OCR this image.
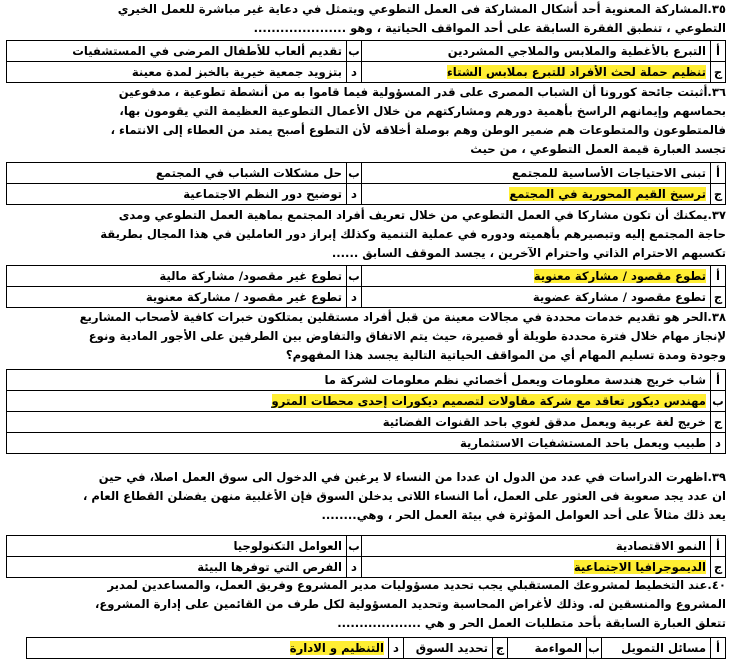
٣٥.المشاركة المعنوية أحد أشكال المشاركة فى العمل التطوعي ويتمثل في دعاية غير مباشرة للعمل الخيري
التطوعي ، تنطبق الفقرة السابقة على أحد المواقف الحياتية ، وهو .....................
أ	التبرع بالأغطية والملابس والملاجي المشردين	ب	تقديم ألعاب للأطفال المرضى في المستشفيات
ج	تنظيم حملة لحث الأفراد للتبرع بملابس الشتاء	د	بتزويد جمعية خيرية بالخبز لمدة معينة
٣٦.أثبتت جائحة كورونا أن الشباب المصرى على قدر المسؤولية فيما قاموا به من أنشطة تطوعية ، مدفوعين
بحماسهم وإيمانهم الراسخ بأهمية دورهم ومشاركتهم من خلال الأعمال التطوعية العظيمة التي يقومون بها،
فالمتطوعون والمتطوعات هم ضمير الوطن وهم بوصلة أخلاقه لأن التطوع أصبح يمتد من العطاء إلى الانتماء ،
تجسد العبارة قيمة العمل التطوعي ، من حيث
أ	تبنى الاحتياجات الأساسية للمجتمع	ب	حل مشكلات الشباب في المجتمع
ج	ترسيخ القيم المحورية في المجتمع	د	توضيح دور النظم الاجتماعية
٣٧.يمكنك أن تكون مشاركا في العمل التطوعي من خلال تعريف أفراد المجتمع بماهية العمل التطوعي ومدى
حاجة المجتمع إليه وتبصيرهم بأهميته ودوره في عملية التنمية وكذلك إبراز دور العاملين في هذا المجال بطريقة
تكسبهم الاحترام الذاتي واحترام الآخرين ، يجسد الموقف السابق ......
أ	تطوع مقصود / مشاركة معنوية	ب	تطوع غير مقصود/ مشاركة مالية
ج	تطوع مقصود / مشاركة عضوية	د	تطوع غير مقصود / مشاركة معنوية
٣٨.الحر هو تقديم خدمات محددة في مجالات معينة من قبل أفراد مستقلين يمتلكون خبرات كافية لأصحاب المشاريع
لإنجاز مهام خلال فترة محددة طويلة أو قصيرة، حيث يتم الاتفاق والتفاوض بين الطرفين على الأجور المادية ونوع
وجودة ومدة تسليم المهام أي من المواقف الحياتية التالية يجسد هذا المفهوم؟
أ	شاب خريج هندسة معلومات ويعمل أخصائي نظم معلومات لشركة ما
ب	مهندس ديكور تعاقد مع شركة مقاولات لتصميم ديكورات إحدى محطات المترو
ج	خريج لغة عربية ويعمل مدقق لغوي باحد القنوات الفضائية
د	طبيب ويعمل باحد المستشفيات الاستثمارية
٣٩.اظهرت الدراسات في عدد من الدول ان عددا من النساء لا يرغبن في الدخول الى سوق العمل اصلا، في حين
ان عدد يجد صعوبة فى العثور على العمل، أما النساء اللاتى يدخلن السوق فإن الأغلبية منهن يفضلن القطاع العام ،
يعد ذلك مثالاً على أحد العوامل المؤثرة في بيئة العمل الحر ، وهي........
أ	النمو الاقتصادية	ب	العوامل التكنولوجيا
ج	الديموجرافيا الاجتماعية	د	الفرص التي توفرها البيئة
٤٠.عند التخطيط لمشروعك المستقبلي يجب تحديد مسؤوليات مدير المشروع وفريق العمل، والمساعدين لمدير
المشروع والمنسقين له. وذلك لأغراض المحاسبة وتحديد المسؤولية لكل طرف من القائمين على إدارة المشروع،
تتعلق العبارة السابقة بأحد متطلبات العمل الحر و هي ...................
أ	مسائل التمويل	ب	المواءمة	ج	تحديد السوق	د	التنظيم و الادارة
